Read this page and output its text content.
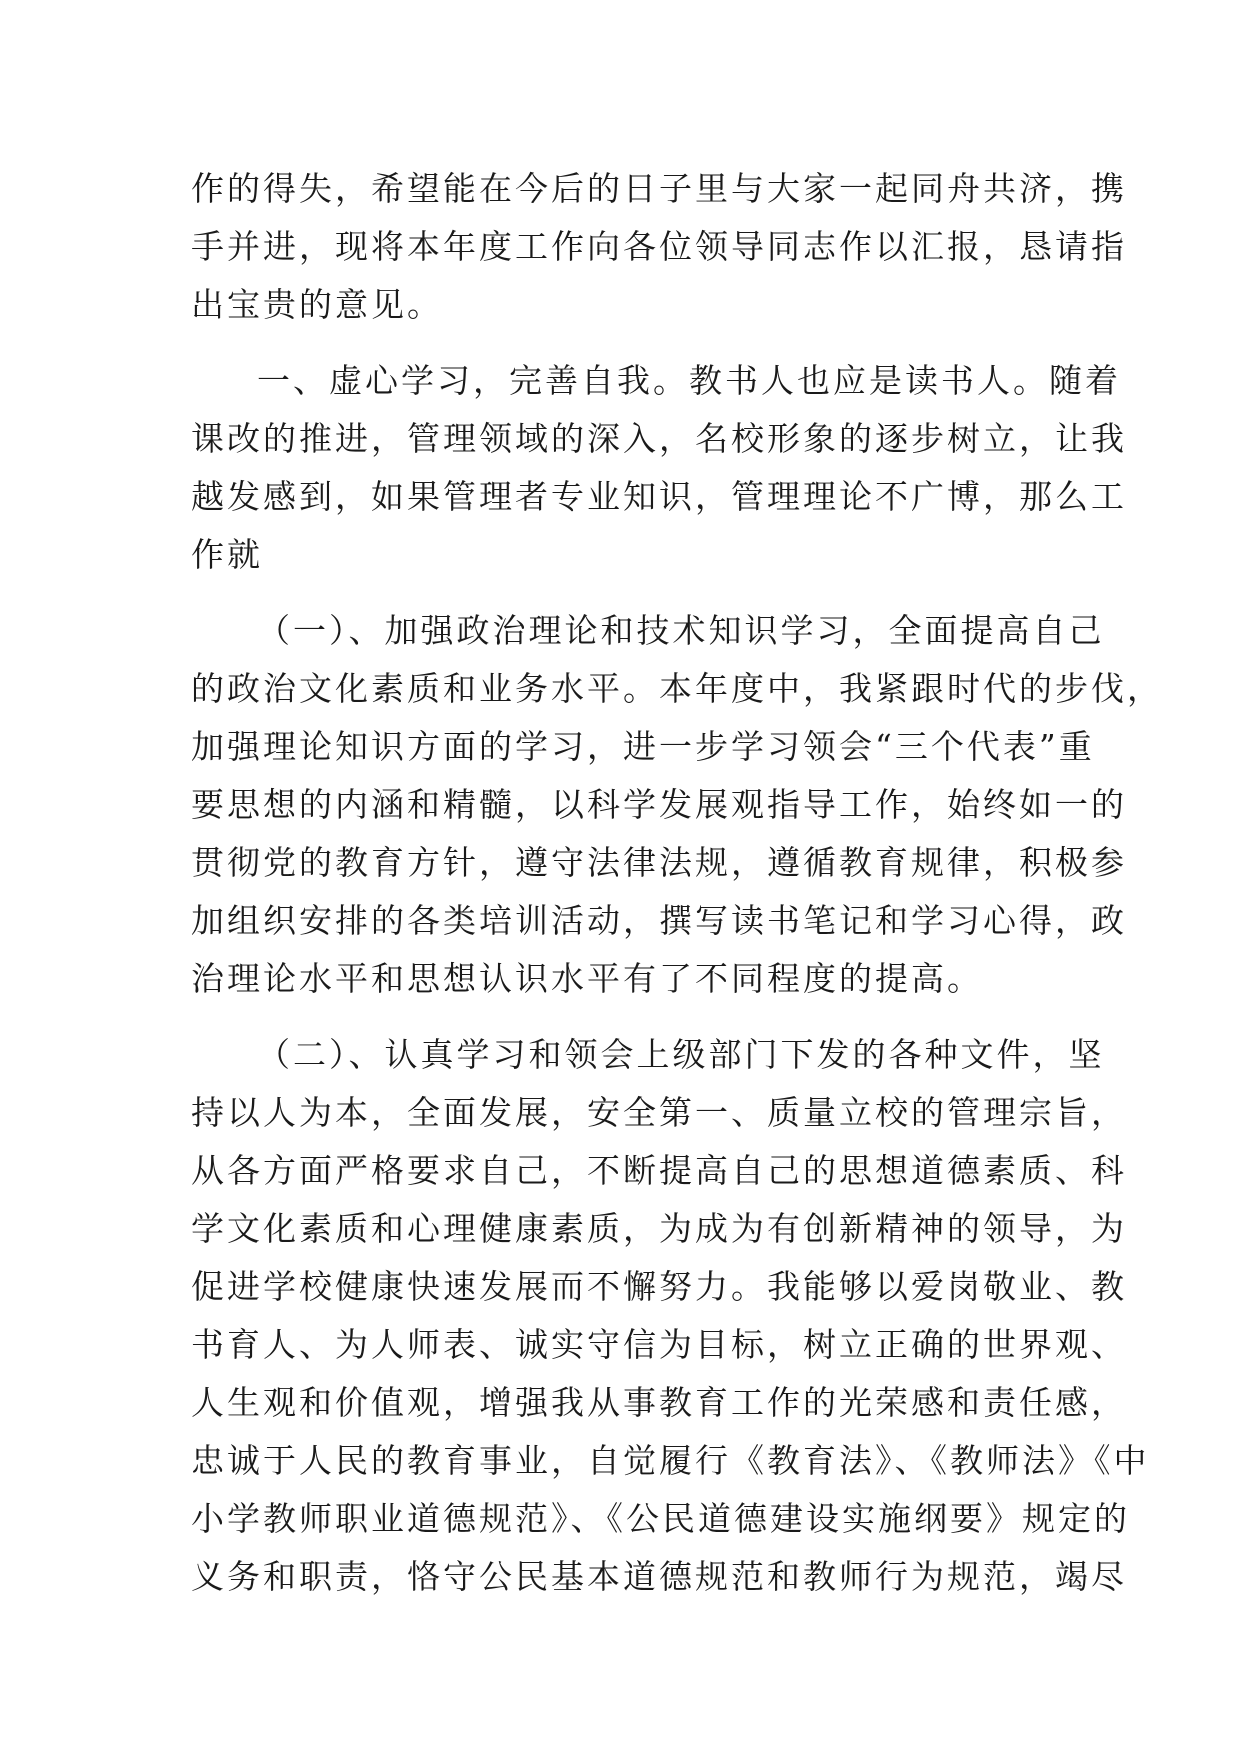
作的得失，希望能在今后的日子里与大家一起同舟共济，携
手并进，现将本年度工作向各位领导同志作以汇报，恳请指
出宝贵的意见。
一、虚心学习，完善自我。教书人也应是读书人。随着
课改的推进，管理领域的深入，名校形象的逐步树立，让我
越发感到，如果管理者专业知识，管理理论不广博，那么工
作就
（一）、加强政治理论和技术知识学习，全面提高自己
的政治文化素质和业务水平。本年度中，我紧跟时代的步伐，
加强理论知识方面的学习，进一步学习领会“三个代表”重
要思想的内涵和精髓，以科学发展观指导工作，始终如一的
贯彻党的教育方针，遵守法律法规，遵循教育规律，积极参
加组织安排的各类培训活动，撰写读书笔记和学习心得，政
治理论水平和思想认识水平有了不同程度的提高。
（二）、认真学习和领会上级部门下发的各种文件，坚
持以人为本，全面发展，安全第一、质量立校的管理宗旨，
从各方面严格要求自己，不断提高自己的思想道德素质、科
学文化素质和心理健康素质，为成为有创新精神的领导，为
促进学校健康快速发展而不懈努力。我能够以爱岗敬业、教
书育人、为人师表、诚实守信为目标，树立正确的世界观、
人生观和价值观，增强我从事教育工作的光荣感和责任感，
忠诚于人民的教育事业，自觉履行《教育法》、《教师法》《中
小学教师职业道德规范》、《公民道德建设实施纲要》规定的
义务和职责，恪守公民基本道德规范和教师行为规范，竭尽
